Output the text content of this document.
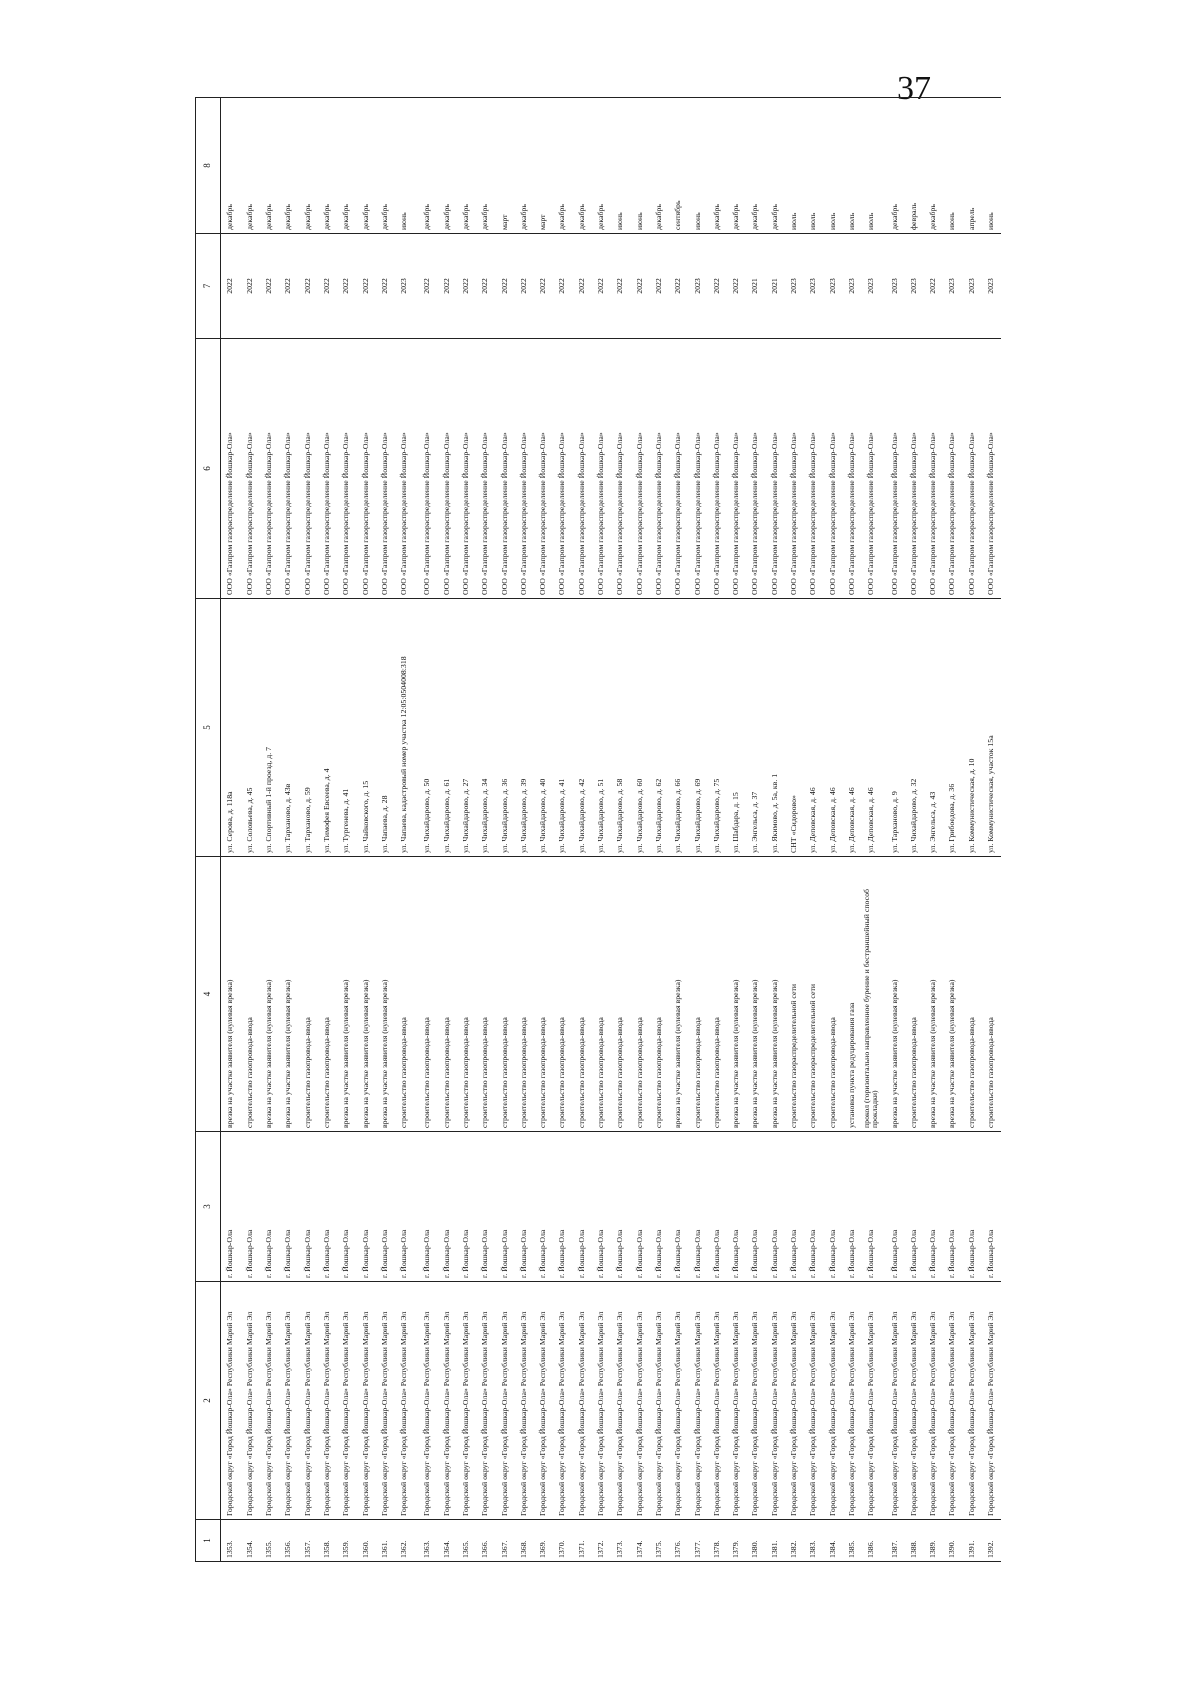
37
1	2	3	4	5	6	7	8
1353.	Городской округ «Город Йошкар-Ола» Республики Марий Эл	г. Йошкар-Ола	врезка на участке заявителя (нулевая врезка)	ул. Серова, д. 118а	ООО «Газпром газораспределение Йошкар-Ола»	2022	декабрь
1354.	Городской округ «Город Йошкар-Ола» Республики Марий Эл	г. Йошкар-Ола	строительство газопровода-ввода	ул. Соловьева, д. 45	ООО «Газпром газораспределение Йошкар-Ола»	2022	декабрь
1355.	Городской округ «Город Йошкар-Ола» Республики Марий Эл	г. Йошкар-Ола	врезка на участке заявителя (нулевая врезка)	ул. Спортивный 1-й проезд, д. 7	ООО «Газпром газораспределение Йошкар-Ола»	2022	декабрь
1356.	Городской округ «Город Йошкар-Ола» Республики Марий Эл	г. Йошкар-Ола	врезка на участке заявителя (нулевая врезка)	ул. Тарханово, д. 43в	ООО «Газпром газораспределение Йошкар-Ола»	2022	декабрь
1357.	Городской округ «Город Йошкар-Ола» Республики Марий Эл	г. Йошкар-Ола	строительство газопровода-ввода	ул. Тарханово, д. 59	ООО «Газпром газораспределение Йошкар-Ола»	2022	декабрь
1358.	Городской округ «Город Йошкар-Ола» Республики Марий Эл	г. Йошкар-Ола	строительство газопровода-ввода	ул. Тимофея Евсеева, д. 4	ООО «Газпром газораспределение Йошкар-Ола»	2022	декабрь
1359.	Городской округ «Город Йошкар-Ола» Республики Марий Эл	г. Йошкар-Ола	врезка на участке заявителя (нулевая врезка)	ул. Тургенева, д. 41	ООО «Газпром газораспределение Йошкар-Ола»	2022	декабрь
1360.	Городской округ «Город Йошкар-Ола» Республики Марий Эл	г. Йошкар-Ола	врезка на участке заявителя (нулевая врезка)	ул. Чайковского, д. 15	ООО «Газпром газораспределение Йошкар-Ола»	2022	декабрь
1361.	Городской округ «Город Йошкар-Ола» Республики Марий Эл	г. Йошкар-Ола	врезка на участке заявителя (нулевая врезка)	ул. Чапаева, д. 28	ООО «Газпром газораспределение Йошкар-Ола»	2022	декабрь
1362.	Городской округ «Город Йошкар-Ола» Республики Марий Эл	г. Йошкар-Ола	строительство газопровода-ввода	ул. Чапаева, кадастровый номер участка 12:05:0504008:318	ООО «Газпром газораспределение Йошкар-Ола»	2023	июнь
1363.	Городской округ «Город Йошкар-Ола» Республики Марий Эл	г. Йошкар-Ола	строительство газопровода-ввода	ул. Чихайдарово, д. 50	ООО «Газпром газораспределение Йошкар-Ола»	2022	декабрь
1364.	Городской округ «Город Йошкар-Ола» Республики Марий Эл	г. Йошкар-Ола	строительство газопровода-ввода	ул. Чихайдарово, д. 61	ООО «Газпром газораспределение Йошкар-Ола»	2022	декабрь
1365.	Городской округ «Город Йошкар-Ола» Республики Марий Эл	г. Йошкар-Ола	строительство газопровода-ввода	ул. Чихайдарово, д. 27	ООО «Газпром газораспределение Йошкар-Ола»	2022	декабрь
1366.	Городской округ «Город Йошкар-Ола» Республики Марий Эл	г. Йошкар-Ола	строительство газопровода-ввода	ул. Чихайдарово, д. 34	ООО «Газпром газораспределение Йошкар-Ола»	2022	декабрь
1367.	Городской округ «Город Йошкар-Ола» Республики Марий Эл	г. Йошкар-Ола	строительство газопровода-ввода	ул. Чихайдарово, д. 36	ООО «Газпром газораспределение Йошкар-Ола»	2022	март
1368.	Городской округ «Город Йошкар-Ола» Республики Марий Эл	г. Йошкар-Ола	строительство газопровода-ввода	ул. Чихайдарово, д. 39	ООО «Газпром газораспределение Йошкар-Ола»	2022	декабрь
1369.	Городской округ «Город Йошкар-Ола» Республики Марий Эл	г. Йошкар-Ола	строительство газопровода-ввода	ул. Чихайдарово, д. 40	ООО «Газпром газораспределение Йошкар-Ола»	2022	март
1370.	Городской округ «Город Йошкар-Ола» Республики Марий Эл	г. Йошкар-Ола	строительство газопровода-ввода	ул. Чихайдарово, д. 41	ООО «Газпром газораспределение Йошкар-Ола»	2022	декабрь
1371.	Городской округ «Город Йошкар-Ола» Республики Марий Эл	г. Йошкар-Ола	строительство газопровода-ввода	ул. Чихайдарово, д. 42	ООО «Газпром газораспределение Йошкар-Ола»	2022	декабрь
1372.	Городской округ «Город Йошкар-Ола» Республики Марий Эл	г. Йошкар-Ола	строительство газопровода-ввода	ул. Чихайдарово, д. 51	ООО «Газпром газораспределение Йошкар-Ола»	2022	декабрь
1373.	Городской округ «Город Йошкар-Ола» Республики Марий Эл	г. Йошкар-Ола	строительство газопровода-ввода	ул. Чихайдарово, д. 58	ООО «Газпром газораспределение Йошкар-Ола»	2022	июнь
1374.	Городской округ «Город Йошкар-Ола» Республики Марий Эл	г. Йошкар-Ола	строительство газопровода-ввода	ул. Чихайдарово, д. 60	ООО «Газпром газораспределение Йошкар-Ола»	2022	июнь
1375.	Городской округ «Город Йошкар-Ола» Республики Марий Эл	г. Йошкар-Ола	строительство газопровода-ввода	ул. Чихайдарово, д. 62	ООО «Газпром газораспределение Йошкар-Ола»	2022	декабрь
1376.	Городской округ «Город Йошкар-Ола» Республики Марий Эл	г. Йошкар-Ола	врезка на участке заявителя (нулевая врезка)	ул. Чихайдарово, д. 66	ООО «Газпром газораспределение Йошкар-Ола»	2022	сентябрь
1377.	Городской округ «Город Йошкар-Ола» Республики Марий Эл	г. Йошкар-Ола	строительство газопровода-ввода	ул. Чихайдарово, д. 69	ООО «Газпром газораспределение Йошкар-Ола»	2023	июнь
1378.	Городской округ «Город Йошкар-Ола» Республики Марий Эл	г. Йошкар-Ола	строительство газопровода-ввода	ул. Чихайдарово, д. 75	ООО «Газпром газораспределение Йошкар-Ола»	2022	декабрь
1379.	Городской округ «Город Йошкар-Ола» Республики Марий Эл	г. Йошкар-Ола	врезка на участке заявителя (нулевая врезка)	ул. Шабдара, д. 15	ООО «Газпром газораспределение Йошкар-Ола»	2022	декабрь
1380.	Городской округ «Город Йошкар-Ола» Республики Марий Эл	г. Йошкар-Ола	врезка на участке заявителя (нулевая врезка)	ул. Энгельса, д. 37	ООО «Газпром газораспределение Йошкар-Ола»	2021	декабрь
1381.	Городской округ «Город Йошкар-Ола» Республики Марий Эл	г. Йошкар-Ола	врезка на участке заявителя (нулевая врезка)	ул. Якимово, д. 5а, кв. 1	ООО «Газпром газораспределение Йошкар-Ола»	2021	декабрь
1382.	Городской округ «Город Йошкар-Ола» Республики Марий Эл	г. Йошкар-Ола	строительство газораспределительной сети	СНТ «Сидорово»	ООО «Газпром газораспределение Йошкар-Ола»	2023	июль
1383.	Городской округ «Город Йошкар-Ола» Республики Марий Эл	г. Йошкар-Ола	строительство газораспределительной сети	ул. Деповская, д. 46	ООО «Газпром газораспределение Йошкар-Ола»	2023	июль
1384.	Городской округ «Город Йошкар-Ола» Республики Марий Эл	г. Йошкар-Ола	строительство газопровода-ввода	ул. Деповская, д. 46	ООО «Газпром газораспределение Йошкар-Ола»	2023	июль
1385.	Городской округ «Город Йошкар-Ола» Республики Марий Эл	г. Йошкар-Ола	установка пункта редуцирования газа	ул. Деповская, д. 46	ООО «Газпром газораспределение Йошкар-Ола»	2023	июль
1386.	Городской округ «Город Йошкар-Ола» Республики Марий Эл	г. Йошкар-Ола	прокол (горизонтально направленное бурение и бестраншейный способ прокладки)	ул. Деповская, д. 46	ООО «Газпром газораспределение Йошкар-Ола»	2023	июль
1387.	Городской округ «Город Йошкар-Ола» Республики Марий Эл	г. Йошкар-Ола	врезка на участке заявителя (нулевая врезка)	ул. Тарханово, д. 9	ООО «Газпром газораспределение Йошкар-Ола»	2023	декабрь
1388.	Городской округ «Город Йошкар-Ола» Республики Марий Эл	г. Йошкар-Ола	строительство газопровода-ввода	ул. Чихайдарово, д. 32	ООО «Газпром газораспределение Йошкар-Ола»	2023	февраль
1389.	Городской округ «Город Йошкар-Ола» Республики Марий Эл	г. Йошкар-Ола	врезка на участке заявителя (нулевая врезка)	ул. Энгельса, д. 43	ООО «Газпром газораспределение Йошкар-Ола»	2022	декабрь
1390.	Городской округ «Город Йошкар-Ола» Республики Марий Эл	г. Йошкар-Ола	врезка на участке заявителя (нулевая врезка)	ул. Грибоедова, д. 36	ООО «Газпром газораспределение Йошкар-Ола»	2023	июнь
1391.	Городской округ «Город Йошкар-Ола» Республики Марий Эл	г. Йошкар-Ола	строительство газопровода-ввода	ул. Коммунистическая, д. 10	ООО «Газпром газораспределение Йошкар-Ола»	2023	апрель
1392.	Городской округ «Город Йошкар-Ола» Республики Марий Эл	г. Йошкар-Ола	строительство газопровода-ввода	ул. Коммунистическая, участок 15а	ООО «Газпром газораспределение Йошкар-Ола»	2023	июнь
